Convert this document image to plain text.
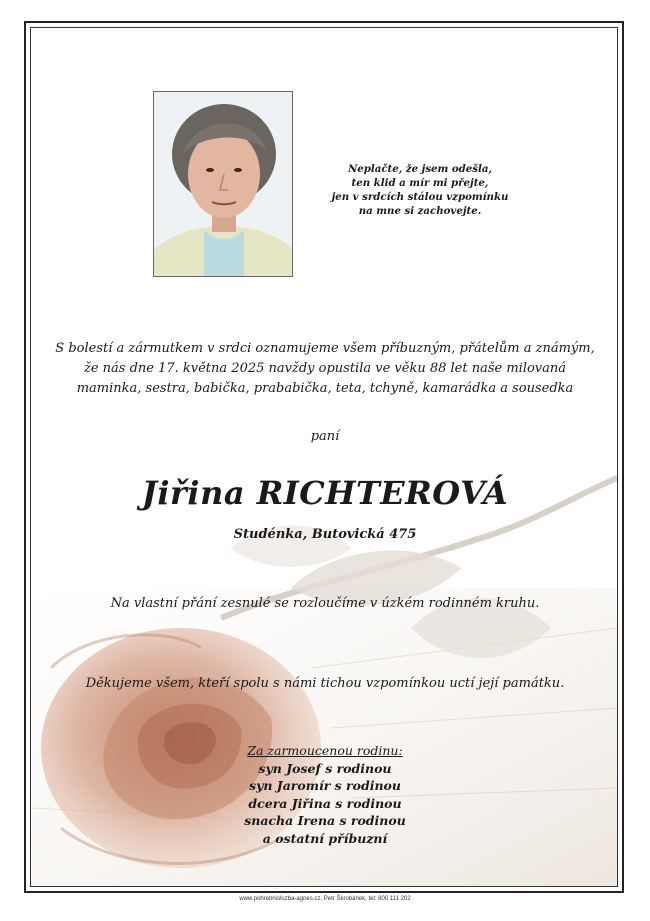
Neplačte, že jsem odešla,
ten klid a mír mi přejte,
jen v srdcích stálou vzpomínku
na mne si zachovejte.
S bolestí a zármutkem v srdci oznamujeme všem příbuzným, přátelům a známým,
že nás dne 17. května 2025 navždy opustila ve věku 88 let naše milovaná
maminka, sestra, babička, prababička, teta, tchyně, kamarádka a sousedka
paní
Jiřina RICHTEROVÁ
Studénka, Butovická 475
Na vlastní přání zesnulé se rozloučíme v úzkém rodinném kruhu.
Děkujeme všem, kteří spolu s námi tichou vzpomínkou uctí její památku.
Za zarmoucenou rodinu:
syn Josef s rodinou
syn Jaromír s rodinou
dcera Jiřina s rodinou
snacha Irena s rodinou
a ostatní příbuzní
www.pohrebnisluzba-agnes.cz, Petr Škrobánek, tel: 800 111 202
